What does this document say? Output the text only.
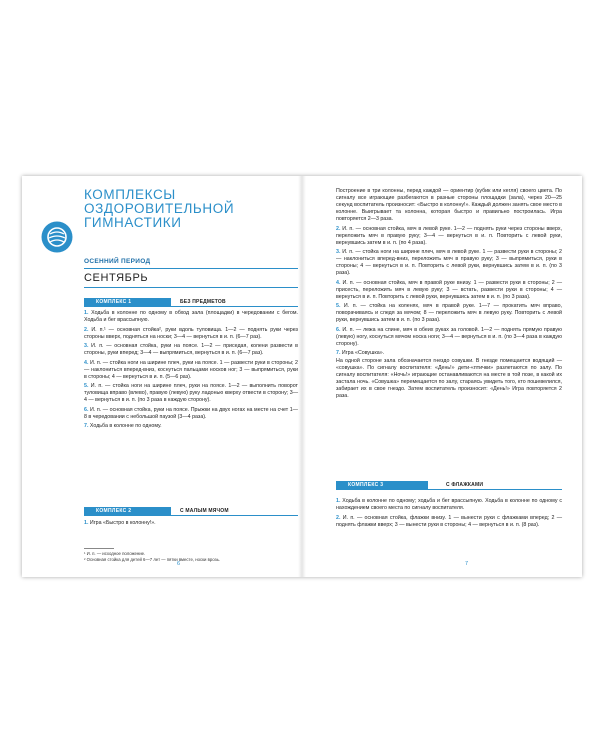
КОМПЛЕКСЫ
ОЗДОРОВИТЕЛЬНОЙ
ГИМНАСТИКИ
ОСЕННИЙ ПЕРИОД
СЕНТЯБРЬ
КОМПЛЕКС 1	БЕЗ ПРЕДМЕТОВ

1. Ходьба в колонне по одному в обход зала (площадки) в чередовании с бегом. Ходьба и бег врассыпную.

2. И. п.¹ — основная стойка², руки вдоль туловища. 1—2 — поднять руки через стороны вверх, подняться на носки; 3—4 — вернуться в и. п. (6—7 раз).

3. И. п. — основная стойка, руки на поясе. 1—2 — приседая, колени развести в стороны, руки вперед; 3—4 — выпрямиться, вернуться в и. п. (6—7 раз).

4. И. п. — стойка ноги на ширине плеч, руки на поясе. 1 — развести руки в стороны; 2 — наклониться вперед-вниз, коснуться пальцами носков ног; 3 — выпрямиться, руки в стороны; 4 — вернуться в и. п. (5—6 раз).

5. И. п. — стойка ноги на ширине плеч, руки на поясе. 1—2 — выполнить поворот туловища вправо (влево), правую (левую) руку ладонью кверху отвести в сторону; 3—4 — вернуться в и. п. (по 3 раза в каждую сторону).

6. И. п. — основная стойка, руки на поясе. Прыжки на двух ногах на месте на счет 1—8 в чередовании с небольшой паузой (3—4 раза).

7. Ходьба в колонне по одному.

КОМПЛЕКС 2	С МАЛЫМ МЯЧОМ

1. Игра «Быстро в колонну!».

¹ И. п. — исходное положение.
² Основная стойка для детей 6—7 лет — пятки вместе, носки врозь.
6

Построение в три колонны, перед каждой — ориентир (кубик или кегля) своего цвета. По сигналу все играющие разбегаются в разные стороны площадки (зала), через 20—25 секунд воспитатель произносит: «Быстро в колонну!». Каждый должен занять свое место в колонне. Выигрывает та колонна, которая быстро и правильно построилась. Игра повторяется 2—3 раза.

2. И. п. — основная стойка, мяч в левой руке. 1—2 — поднять руки через стороны вверх, переложить мяч в правую руку; 3—4 — вернуться в и. п. Повторить с левой руки, вернувшись затем в и. п. (по 4 раза).

3. И. п. — стойка ноги на ширине плеч, мяч в левой руке. 1 — развести руки в стороны; 2 — наклониться вперед-вниз, переложить мяч в правую руку; 3 — выпрямиться, руки в стороны; 4 — вернуться в и. п. Повторить с левой руки, вернувшись затем в и. п. (по 3 раза).

4. И. п. — основная стойка, мяч в правой руке внизу. 1 — развести руки в стороны; 2 — присесть, переложить мяч в левую руку; 3 — встать, развести руки в стороны; 4 — вернуться в и. п. Повторить с левой руки, вернувшись затем в и. п. (по 3 раза).

5. И. п. — стойка на коленях, мяч в правой руке. 1—7 — прокатить мяч вправо, поворачиваясь и следя за мячом; 8 — переложить мяч в левую руку. Повторить с левой руки, вернувшись затем в и. п. (по 3 раза).

6. И. п. — лежа на спине, мяч в обеих руках за головой. 1—2 — поднять прямую правую (левую) ногу, коснуться мячом носка ноги; 3—4 — вернуться в и. п. (по 3—4 раза в каждую сторону).

7. Игра «Совушка».

На одной стороне зала обозначается гнездо совушки. В гнезде помещается водящий — «совушка». По сигналу воспитателя: «День!» дети-«птички» разлетаются по залу. По сигналу воспитателя: «Ночь!» играющие останавливаются на месте в той позе, в какой их застала ночь. «Совушка» перемещается по залу, стараясь увидеть того, кто пошевелился, забирает их в свое гнездо. Затем воспитатель произносит: «День!» Игра повторяется 2 раза.

КОМПЛЕКС 3	С ФЛАЖКАМИ

1. Ходьба в колонне по одному; ходьба и бег врассыпную. Ходьба в колонне по одному с нахождением своего места по сигналу воспитателя.

2. И. п. — основная стойка, флажки внизу. 1 — вынести руки с флажками вперед; 2 — поднять флажки вверх; 3 — вынести руки в стороны; 4 — вернуться в и. п. (8 раз).

7
